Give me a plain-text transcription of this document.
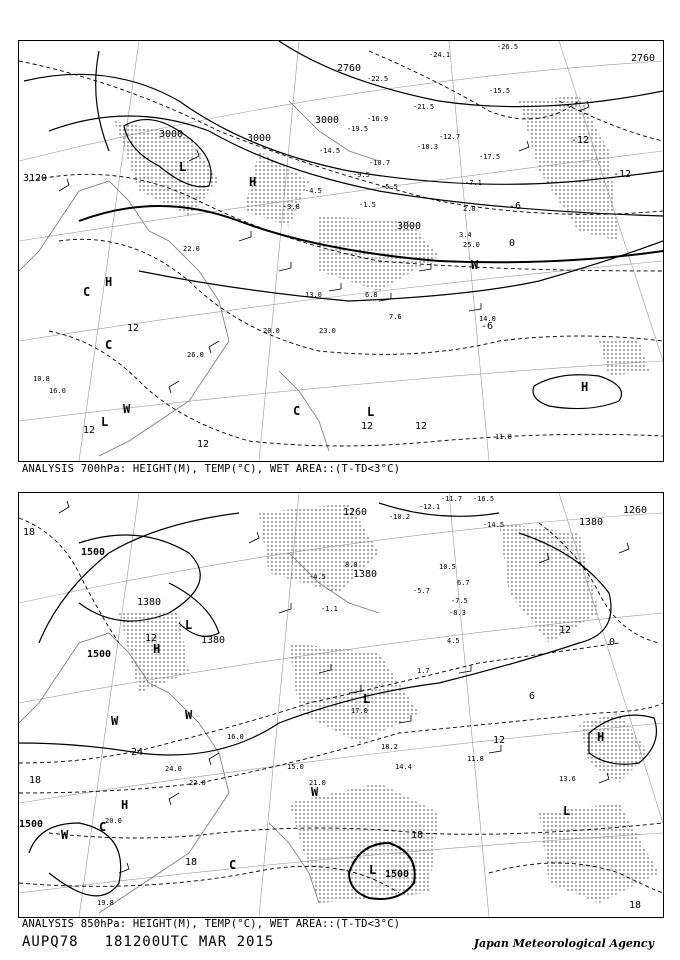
3000	3000
3000
2760
2760
3120
3000
-12
-6
-6
0
12
12
12
12	12
-12
H
H
L
L
L
C
C
C
W
W
H
-26.5
-24.1
-22.5
-21.5
-19.5
-18.3
-17.5
-16.9
-15.5
-14.5
-12.7
-10.7
-9.5
-7.1
-5.5
-4.5
-3.8	-1.5	2.0
3.4
6.8
7.6
10.8
11.8
13.0
14.0
16.0
20.0
22.0
23.0
25.0
26.0
ANALYSIS 700hPa: HEIGHT(M), TEMP(°C), WET AREA::(T-TD<3°C)
1500
1500
1500
1500
1380
1380
1380
1380
1260	1260
18
24
18
18
18
12
12
6
0
12
18
H
H
H
L
L
L
L
W	W
W
W
C
C
-16.5
-14.5
-12.1
-11.7
-10.2
-8.3
-7.5
-5.7
-4.5
-1.1
1.7
4.5
6.7
8.0	10.5
11.8
13.6
14.4
15.0
16.0
17.0
18.2
19.8
20.0
21.0
22.0
24.0
ANALYSIS 850hPa: HEIGHT(M), TEMP(°C), WET AREA::(T-TD<3°C)
AUPQ78 181200UTC MAR 2015	Japan Meteorological Agency
